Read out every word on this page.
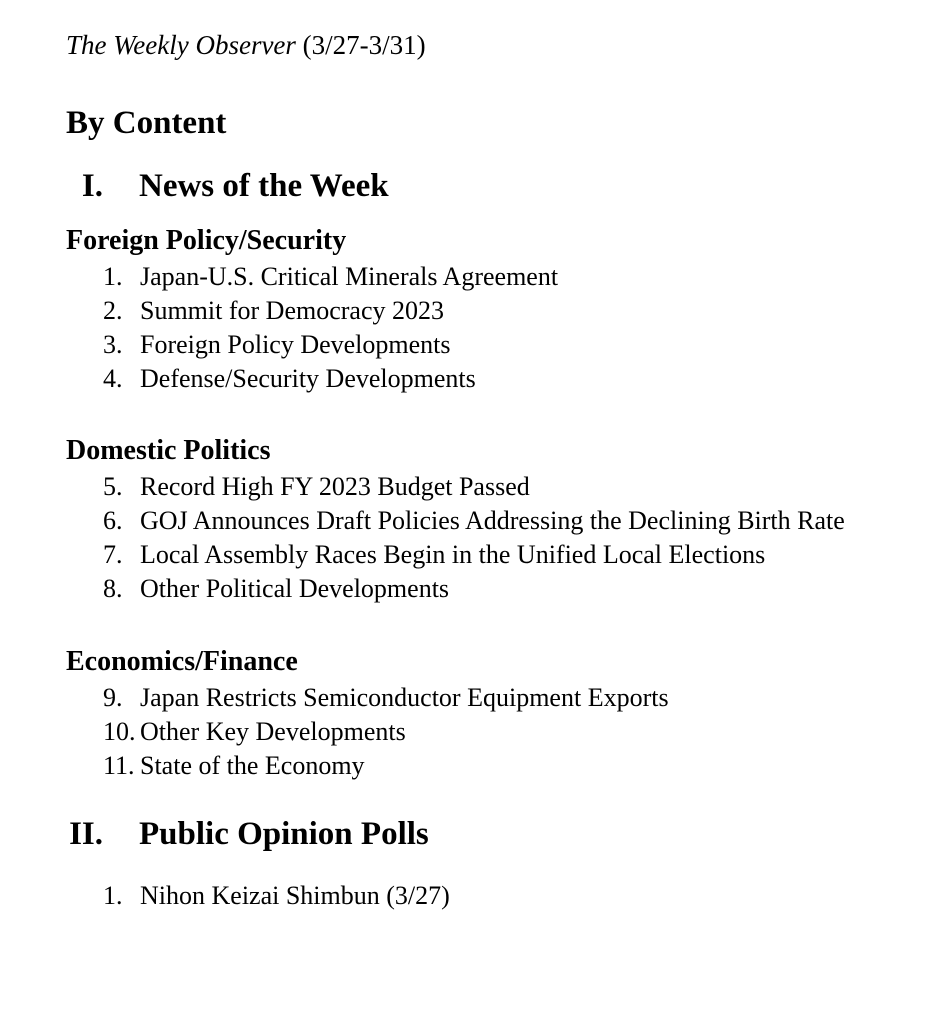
The Weekly Observer (3/27-3/31)

By Content
I. News of the Week
Foreign Policy/Security
1. Japan-U.S. Critical Minerals Agreement
2. Summit for Democracy 2023
3. Foreign Policy Developments
4. Defense/Security Developments
Domestic Politics
5. Record High FY 2023 Budget Passed
6. GOJ Announces Draft Policies Addressing the Declining Birth Rate
7. Local Assembly Races Begin in the Unified Local Elections
8. Other Political Developments
Economics/Finance
9. Japan Restricts Semiconductor Equipment Exports
10. Other Key Developments
11. State of the Economy
II. Public Opinion Polls
1. Nihon Keizai Shimbun (3/27)
